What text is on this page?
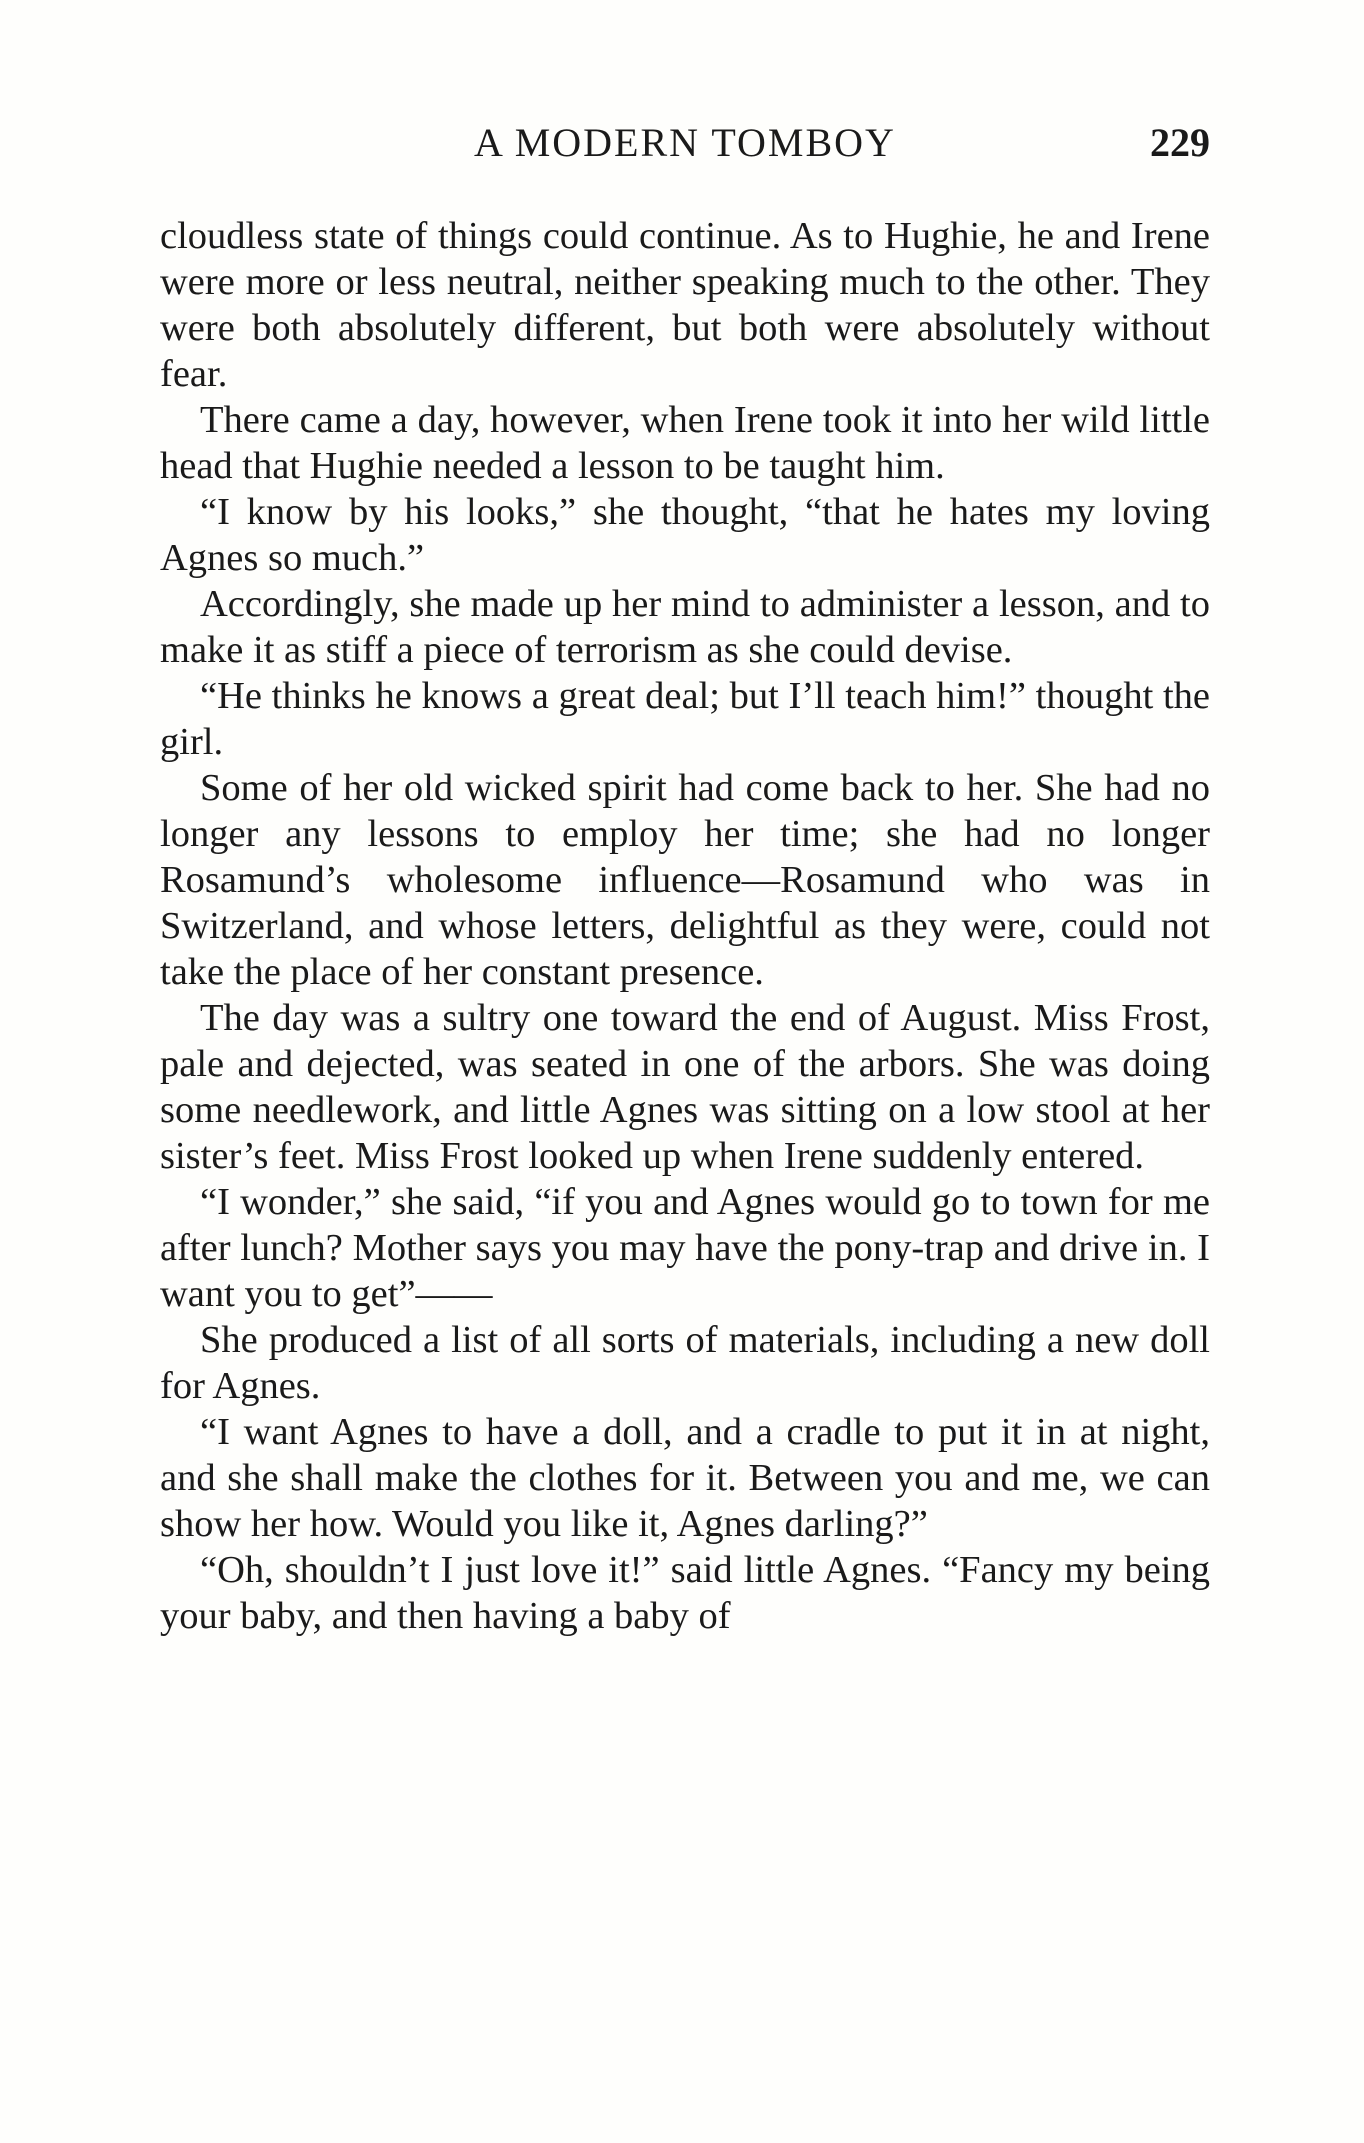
A MODERN TOMBOY	229

cloudless state of things could continue. As to Hughie, he and Irene were more or less neutral, neither speaking much to the other. They were both absolutely different, but both were absolutely without fear.

There came a day, however, when Irene took it into her wild little head that Hughie needed a lesson to be taught him.

“I know by his looks,” she thought, “that he hates my loving Agnes so much.”

Accordingly, she made up her mind to administer a lesson, and to make it as stiff a piece of terrorism as she could devise.

“He thinks he knows a great deal; but I’ll teach him!” thought the girl.

Some of her old wicked spirit had come back to her. She had no longer any lessons to employ her time; she had no longer Rosamund’s wholesome influence—Rosamund who was in Switzerland, and whose letters, delightful as they were, could not take the place of her constant presence.

The day was a sultry one toward the end of August. Miss Frost, pale and dejected, was seated in one of the arbors. She was doing some needlework, and little Agnes was sitting on a low stool at her sister’s feet. Miss Frost looked up when Irene suddenly entered.

“I wonder,” she said, “if you and Agnes would go to town for me after lunch? Mother says you may have the pony-trap and drive in. I want you to get”——

She produced a list of all sorts of materials, including a new doll for Agnes.

“I want Agnes to have a doll, and a cradle to put it in at night, and she shall make the clothes for it. Between you and me, we can show her how. Would you like it, Agnes darling?”

“Oh, shouldn’t I just love it!” said little Agnes. “Fancy my being your baby, and then having a baby of
